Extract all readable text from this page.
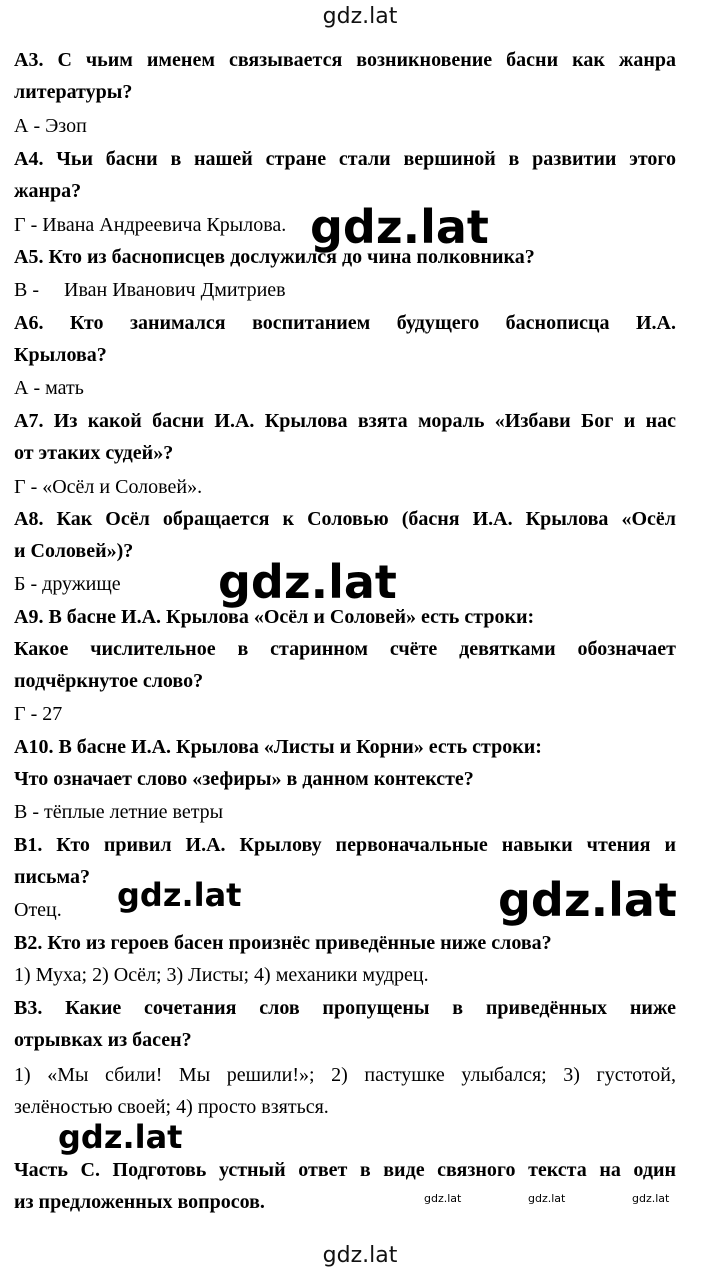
gdz.lat
А3. С чьим именем связывается возникновение басни как жанра
литературы?
А - Эзоп
А4. Чьи басни в нашей стране стали вершиной в развитии этого
жанра?
Г - Ивана Андреевича Крылова.
А5. Кто из баснописцев дослужился до чина полковника?
В -     Иван Иванович Дмитриев
А6. Кто занимался воспитанием будущего баснописца И.А.
Крылова?
А - мать
А7. Из какой басни И.А. Крылова взята мораль «Избави Бог и нас
от этаких судей»?
Г - «Осёл и Соловей».
А8. Как Осёл обращается к Соловью (басня И.А. Крылова «Осёл
и Соловей»)?
Б - дружище
А9. В басне И.А. Крылова «Осёл и Соловей» есть строки:
Какое числительное в старинном счёте девятками обозначает
подчёркнутое слово?
Г - 27
А10. В басне И.А. Крылова «Листы и Корни» есть строки:
Что означает слово «зефиры» в данном контексте?
В - тёплые летние ветры
В1. Кто привил И.А. Крылову первоначальные навыки чтения и
письма?
Отец.
В2. Кто из героев басен произнёс приведённые ниже слова?
1) Муха; 2) Осёл; 3) Листы; 4) механики мудрец.
В3. Какие сочетания слов пропущены в приведённых ниже
отрывках из басен?
1) «Мы сбили! Мы решили!»; 2) пастушке улыбался; 3) густотой,
зелёностью своей; 4) просто взяться.
Часть С. Подготовь устный ответ в виде связного текста на один
из предложенных вопросов.
gdz.lat
gdz.lat
gdz.lat
gdz.lat
gdz.lat
gdz.lat	gdz.lat	gdz.lat
gdz.lat
